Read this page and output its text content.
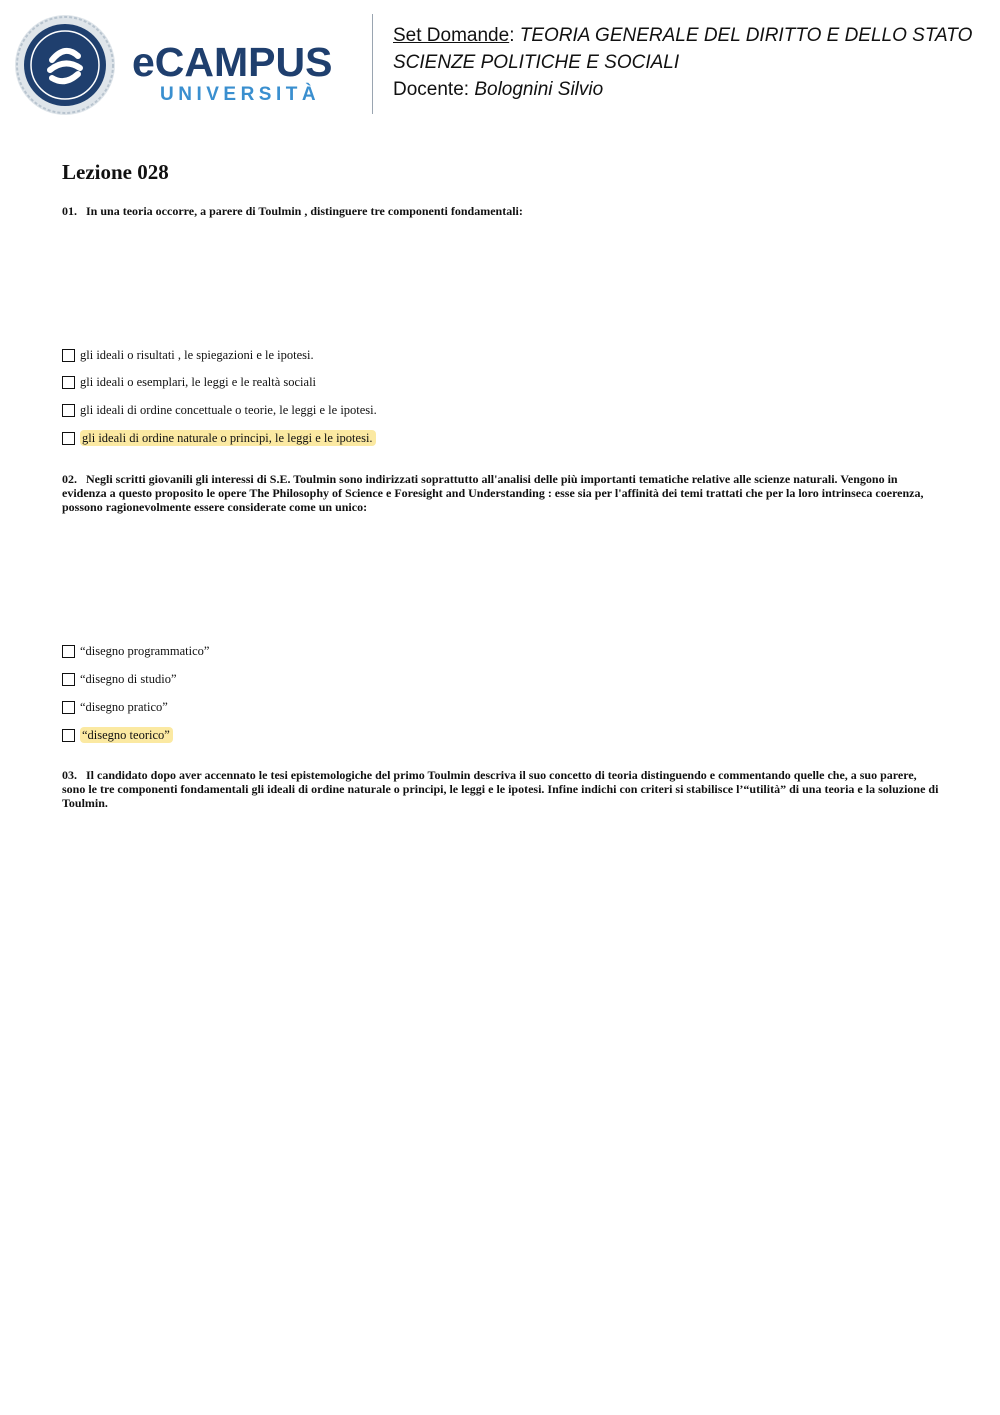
eCAMPUS
UNIVERSITÀ
Set Domande: TEORIA GENERALE DEL DIRITTO E DELLO STATO
SCIENZE POLITICHE E SOCIALI
Docente: Bolognini Silvio
Lezione 028
01. In una teoria occorre, a parere di Toulmin , distinguere tre componenti fondamentali:
gli ideali o risultati , le spiegazioni e le ipotesi.
gli ideali o esemplari, le leggi e le realtà sociali
gli ideali di ordine concettuale o teorie, le leggi e le ipotesi.
gli ideali di ordine naturale o principi, le leggi e le ipotesi.
02. Negli scritti giovanili gli interessi di S.E. Toulmin sono indirizzati soprattutto all'analisi delle più importanti tematiche relative alle scienze naturali. Vengono in evidenza a questo proposito le opere The Philosophy of Science e Foresight and Understanding : esse sia per l'affinità dei temi trattati che per la loro intrinseca coerenza, possono ragionevolmente essere considerate come un unico:
“disegno programmatico”
“disegno di studio”
“disegno pratico”
“disegno teorico”
03. Il candidato dopo aver accennato le tesi epistemologiche del primo Toulmin descriva il suo concetto di teoria distinguendo e commentando quelle che, a suo parere, sono le tre componenti fondamentali gli ideali di ordine naturale o principi, le leggi e le ipotesi. Infine indichi con criteri si stabilisce l’“utilità” di una teoria e la soluzione di Toulmin.
